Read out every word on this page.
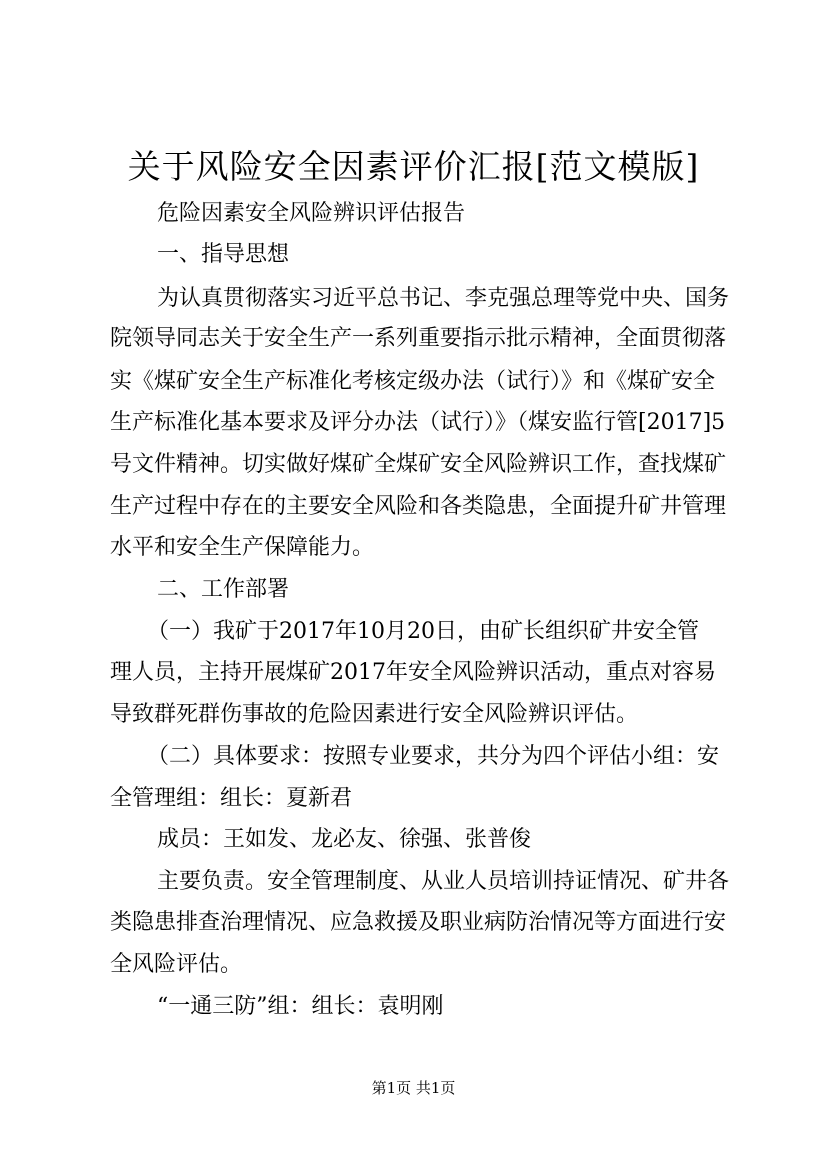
关于风险安全因素评价汇报[范文模版]
危险因素安全风险辨识评估报告
一、指导思想
为认真贯彻落实习近平总书记、李克强总理等党中央、国务
院领导同志关于安全生产一系列重要指示批示精神，全面贯彻落
实《煤矿安全生产标准化考核定级办法（试行）》和《煤矿安全
生产标准化基本要求及评分办法（试行）》（煤安监行管[2017]5
号文件精神。切实做好煤矿全煤矿安全风险辨识工作，查找煤矿
生产过程中存在的主要安全风险和各类隐患，全面提升矿井管理
水平和安全生产保障能力。
二、工作部署
（一）我矿于2017年10月20日，由矿长组织矿井安全管
理人员，主持开展煤矿2017年安全风险辨识活动，重点对容易
导致群死群伤事故的危险因素进行安全风险辨识评估。
（二）具体要求：按照专业要求，共分为四个评估小组：安
全管理组：组长：夏新君
成员：王如发、龙必友、徐强、张普俊
主要负责。安全管理制度、从业人员培训持证情况、矿井各
类隐患排查治理情况、应急救援及职业病防治情况等方面进行安
全风险评估。
“一通三防”组：组长：袁明刚
第1页 共1页
